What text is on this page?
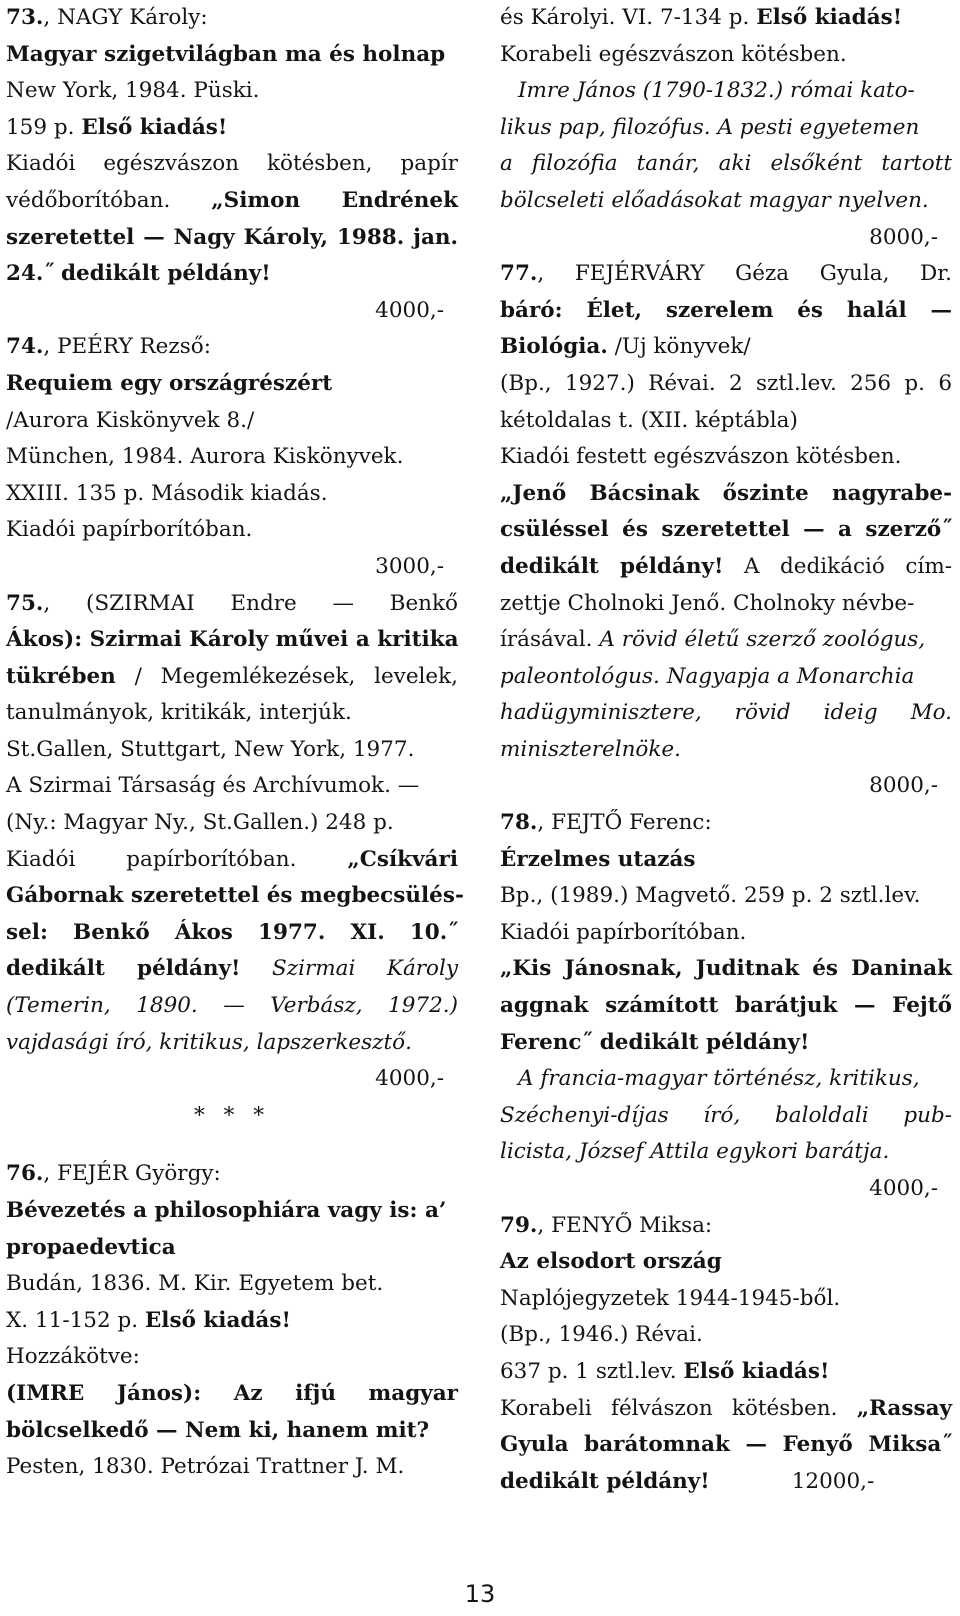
73., NAGY Károly:
Magyar szigetvilágban ma és holnap
New York, 1984. Püski.
159 p. Első kiadás!
Kiadói egészvászon kötésben, papír
védőborítóban. „Simon Endrének
szeretettel — Nagy Károly, 1988. jan.
24.˝ dedikált példány!
4000,-
74., PEÉRY Rezső:
Requiem egy országrészért
/Aurora Kiskönyvek 8./
München, 1984. Aurora Kiskönyvek.
XXIII. 135 p. Második kiadás.
Kiadói papírborítóban.
3000,-
75., (SZIRMAI Endre — Benkő
Ákos): Szirmai Károly művei a kritika
tükrében / Megemlékezések, levelek,
tanulmányok, kritikák, interjúk.
St.Gallen, Stuttgart, New York, 1977.
A Szirmai Társaság és Archívumok. —
(Ny.: Magyar Ny., St.Gallen.) 248 p.
Kiadói papírborítóban. „Csíkvári
Gábornak szeretettel és megbecsülés-
sel: Benkő Ákos 1977. XI. 10.˝
dedikált példány! Szirmai Károly
(Temerin, 1890. — Verbász, 1972.)
vajdasági író, kritikus, lapszerkesztő.
4000,-
* * *
76., FEJÉR György:
Bévezetés a philosophiára vagy is: a’
propaedevtica
Budán, 1836. M. Kir. Egyetem bet.
X. 11-152 p. Első kiadás!
Hozzákötve:
(IMRE János): Az ifjú magyar
bölcselkedő — Nem ki, hanem mit?
Pesten, 1830. Petrózai Trattner J. M.
és Károlyi. VI. 7-134 p. Első kiadás!
Korabeli egészvászon kötésben.
Imre János (1790-1832.) római kato-
likus pap, filozófus. A pesti egyetemen
a filozófia tanár, aki elsőként tartott
bölcseleti előadásokat magyar nyelven.
8000,-
77., FEJÉRVÁRY Géza Gyula, Dr.
báró: Élet, szerelem és halál —
Biológia. /Uj könyvek/
(Bp., 1927.) Révai. 2 sztl.lev. 256 p. 6
kétoldalas t. (XII. képtábla)
Kiadói festett egészvászon kötésben.
„Jenő Bácsinak őszinte nagyrabe-
csüléssel és szeretettel — a szerző˝
dedikált példány! A dedikáció cím-
zettje Cholnoki Jenő. Cholnoky névbe-
írásával. A rövid életű szerző zoológus,
paleontológus. Nagyapja a Monarchia
hadügyminisztere, rövid ideig Mo.
miniszterelnöke.
8000,-
78., FEJTŐ Ferenc:
Érzelmes utazás
Bp., (1989.) Magvető. 259 p. 2 sztl.lev.
Kiadói papírborítóban.
„Kis Jánosnak, Juditnak és Daninak
aggnak számított barátjuk — Fejtő
Ferenc˝ dedikált példány!
A francia-magyar történész, kritikus,
Széchenyi-díjas író, baloldali pub-
licista, József Attila egykori barátja.
4000,-
79., FENYŐ Miksa:
Az elsodort ország
Naplójegyzetek 1944-1945-ből.
(Bp., 1946.) Révai.
637 p. 1 sztl.lev. Első kiadás!
Korabeli félvászon kötésben. „Rassay
Gyula barátomnak — Fenyő Miksa˝
dedikált példány!            12000,-
13
